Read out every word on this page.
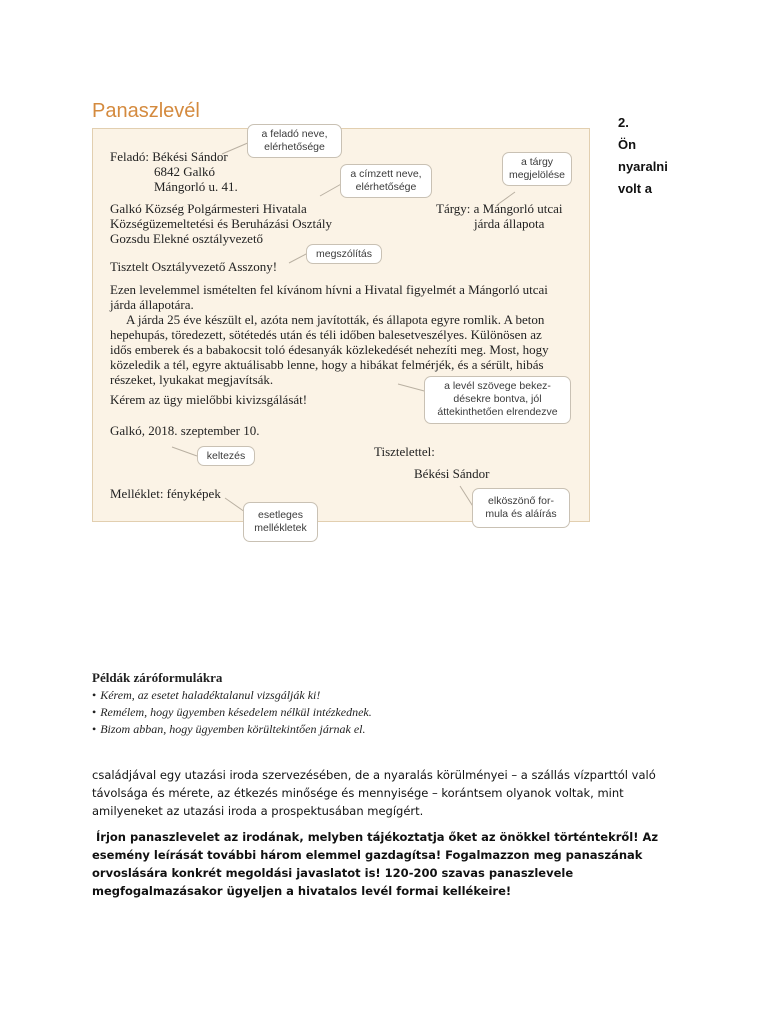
Panaszlevél
Feladó: Békési Sándor
6842 Galkó
Mángorló u. 41.
Galkó Község Polgármesteri Hivatala
Községüzemeltetési és Beruházási Osztály
Gozsdu Elekné osztályvezető
Tárgy: a Mángorló utcai
járda állapota
Tisztelt Osztályvezető Asszony!
Ezen levelemmel ismételten fel kívánom hívni a Hivatal figyelmét a Mángorló utcai
járda állapotára.
A járda 25 éve készült el, azóta nem javították, és állapota egyre romlik. A beton
hepehupás, töredezett, sötétedés után és téli időben balesetveszélyes. Különösen az
idős emberek és a babakocsit toló édesanyák közlekedését nehezíti meg. Most, hogy
közeledik a tél, egyre aktuálisabb lenne, hogy a hibákat felmérjék, és a sérült, hibás
részeket, lyukakat megjavítsák.
Kérem az ügy mielőbbi kivizsgálását!
Galkó, 2018. szeptember 10.
Tisztelettel:
Békési Sándor
Melléklet: fényképek
a feladó neve,
elérhetősége
a címzett neve,
elérhetősége
a tárgy
megjelölése
megszólítás
a levél szövege bekez-
désekre bontva, jól
áttekinthetően elrendezve
keltezés
esetleges
mellékletek
elköszönő for-
mula és aláírás
2.
Ön
nyaralni
volt a
Példák záróformulákra
• Kérem, az esetet haladéktalanul vizsgálják ki!
• Remélem, hogy ügyemben késedelem nélkül intézkednek.
• Bizom abban, hogy ügyemben körültekintően járnak el.

családjával egy utazási iroda szervezésében, de a nyaralás körülményei – a szállás vízparttól való távolsága és mérete, az étkezés minősége és mennyisége – korántsem olyanok voltak, mint amilyeneket az utazási iroda a prospektusában megígért.

Írjon panaszlevelet az irodának, melyben tájékoztatja őket az önökkel történtekről! Az esemény leírását további három elemmel gazdagítsa! Fogalmazzon meg panaszának orvoslására konkrét megoldási javaslatot is! 120-200 szavas panaszlevele megfogalmazásakor ügyeljen a hivatalos levél formai kellékeire!
